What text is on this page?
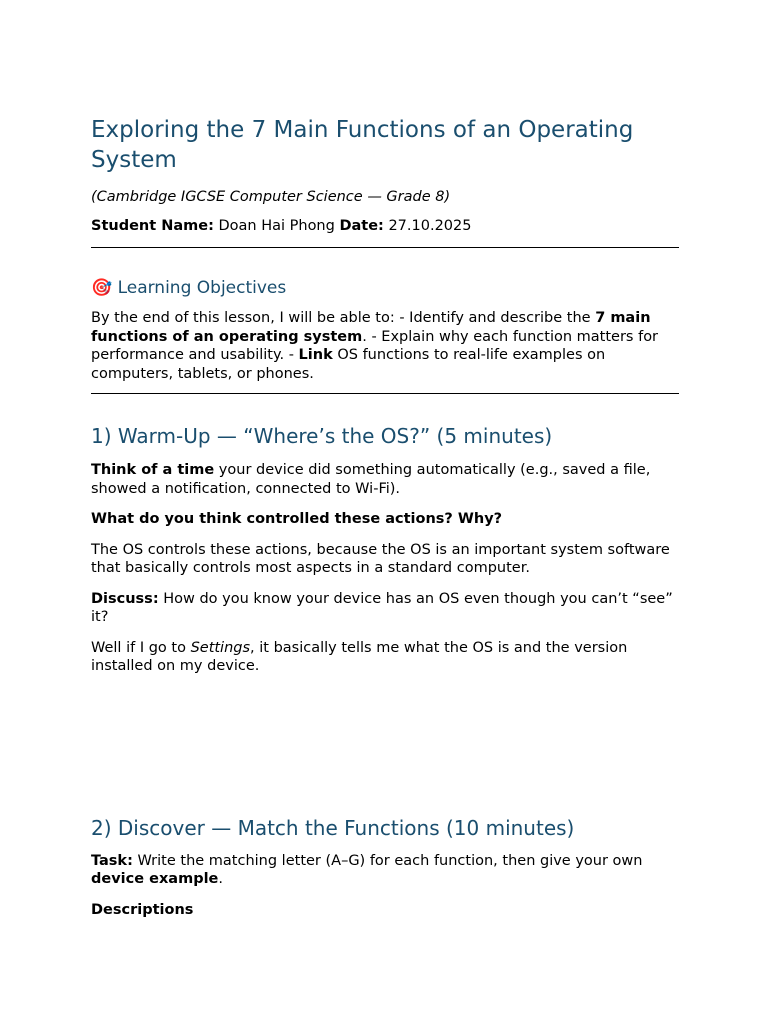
Exploring the 7 Main Functions of an Operating System

(Cambridge IGCSE Computer Science — Grade 8)

Student Name: Doan Hai Phong Date: 27.10.2025

🎯 Learning Objectives

By the end of this lesson, I will be able to: - Identify and describe the 7 main functions of an operating system. - Explain why each function matters for performance and usability. - Link OS functions to real-life examples on computers, tablets, or phones.

1) Warm-Up — “Where’s the OS?” (5 minutes)

Think of a time your device did something automatically (e.g., saved a file, showed a notification, connected to Wi-Fi).

What do you think controlled these actions? Why?

The OS controls these actions, because the OS is an important system software that basically controls most aspects in a standard computer.

Discuss: How do you know your device has an OS even though you can’t “see” it?

Well if I go to Settings, it basically tells me what the OS is and the version installed on my device.

2) Discover — Match the Functions (10 minutes)

Task: Write the matching letter (A–G) for each function, then give your own device example.

Descriptions
